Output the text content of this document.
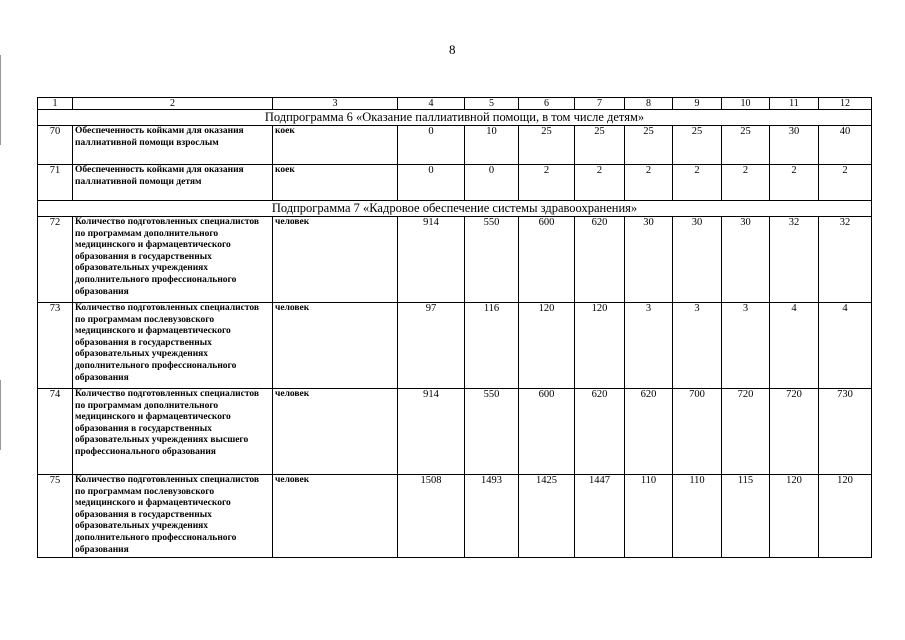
8
1	2	3	4	5	6	7	8	9	10	11	12
Подпрограмма 6 «Оказание паллиативной помощи, в том числе детям»											
70	Обеспеченность койками для оказания паллиативной помощи взрослым	коек	0	10	25	25	25	25	25	30	40
71	Обеспеченность койками для оказания паллиативной помощи детям	коек	0	0	2	2	2	2	2	2	2
Подпрограмма 7 «Кадровое обеспечение системы здравоохранения»											
72	Количество подготовленных специалистов по программам дополнительного медицинского и фармацевтического образования в государственных образовательных учреждениях дополнительного профессионального образования	человек	914	550	600	620	30	30	30	32	32
73	Количество подготовленных специалистов по программам послевузовского медицинского и фармацевтического образования в государственных образовательных учреждениях дополнительного профессионального образования	человек	97	116	120	120	3	3	3	4	4
74	Количество подготовленных специалистов по программам дополнительного медицинского и фармацевтического образования в государственных образовательных учреждениях высшего профессионального образования	человек	914	550	600	620	620	700	720	720	730
75	Количество подготовленных специалистов по программам послевузовского медицинского и фармацевтического образования в государственных образовательных учреждениях дополнительного профессионального образования	человек	1508	1493	1425	1447	110	110	115	120	120
